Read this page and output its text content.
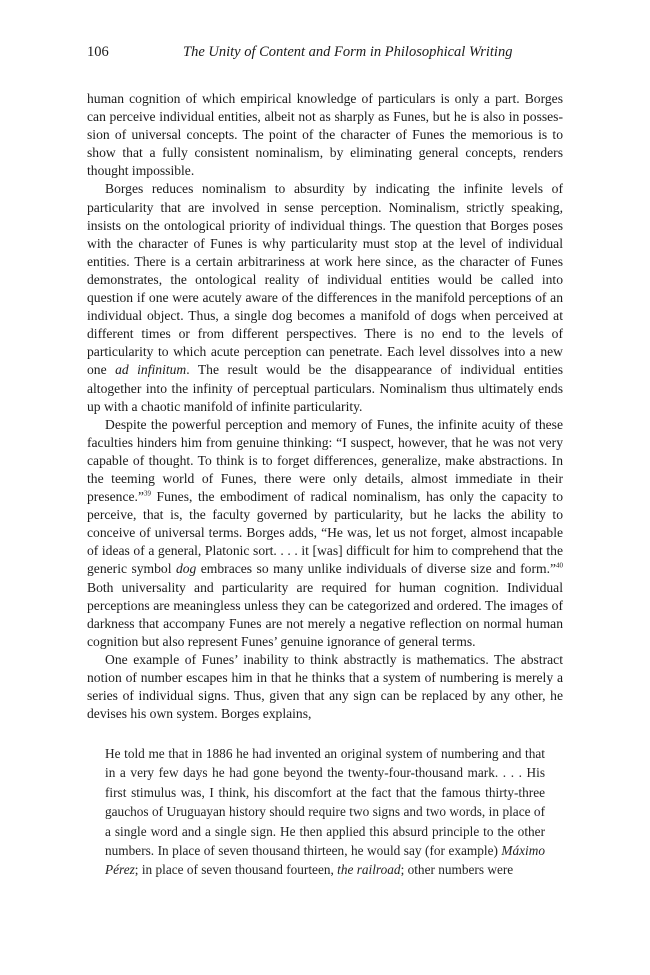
106	The Unity of Content and Form in Philosophical Writing

human cognition of which empirical knowledge of particulars is only a part. Borges can perceive individual entities, albeit not as sharply as Funes, but he is also in possession of universal concepts. The point of the character of Funes the memorious is to show that a fully consistent nominalism, by eliminating general concepts, renders thought impossible.

Borges reduces nominalism to absurdity by indicating the infinite levels of particularity that are involved in sense perception. Nominalism, strictly speaking, insists on the ontological priority of individual things. The question that Borges poses with the character of Funes is why particularity must stop at the level of individual entities. There is a certain arbitrariness at work here since, as the character of Funes demonstrates, the ontological reality of individual entities would be called into question if one were acutely aware of the differences in the manifold perceptions of an individual object. Thus, a single dog becomes a manifold of dogs when perceived at different times or from different perspectives. There is no end to the levels of particularity to which acute perception can penetrate. Each level dissolves into a new one ad infinitum. The result would be the disappearance of individual entities altogether into the infinity of perceptual particulars. Nominalism thus ultimately ends up with a chaotic manifold of infinite particularity.

Despite the powerful perception and memory of Funes, the infinite acuity of these faculties hinders him from genuine thinking: “I suspect, however, that he was not very capable of thought. To think is to forget differences, generalize, make abstractions. In the teeming world of Funes, there were only details, almost immediate in their presence.”$^{39}$ Funes, the embodiment of radical nominalism, has only the capacity to perceive, that is, the faculty governed by particularity, but he lacks the ability to conceive of universal terms. Borges adds, “He was, let us not forget, almost incapable of ideas of a general, Platonic sort. . . . it [was] difficult for him to comprehend that the generic symbol dog embraces so many unlike individuals of diverse size and form.”$^{40}$ Both universality and particularity are required for human cognition. Individual perceptions are meaningless unless they can be categorized and ordered. The images of darkness that accompany Funes are not merely a negative reflection on normal human cognition but also represent Funes’ genuine ignorance of general terms.

One example of Funes’ inability to think abstractly is mathematics. The abstract notion of number escapes him in that he thinks that a system of numbering is merely a series of individual signs. Thus, given that any sign can be replaced by any other, he devises his own system. Borges explains,

He told me that in 1886 he had invented an original system of numbering and that in a very few days he had gone beyond the twenty-four-thousand mark. . . . His first stimulus was, I think, his discomfort at the fact that the famous thirty-three gauchos of Uruguayan history should require two signs and two words, in place of a single word and a single sign. He then applied this absurd principle to the other numbers. In place of seven thousand thirteen, he would say (for example) Máximo Pérez; in place of seven thousand fourteen, the railroad; other numbers were
